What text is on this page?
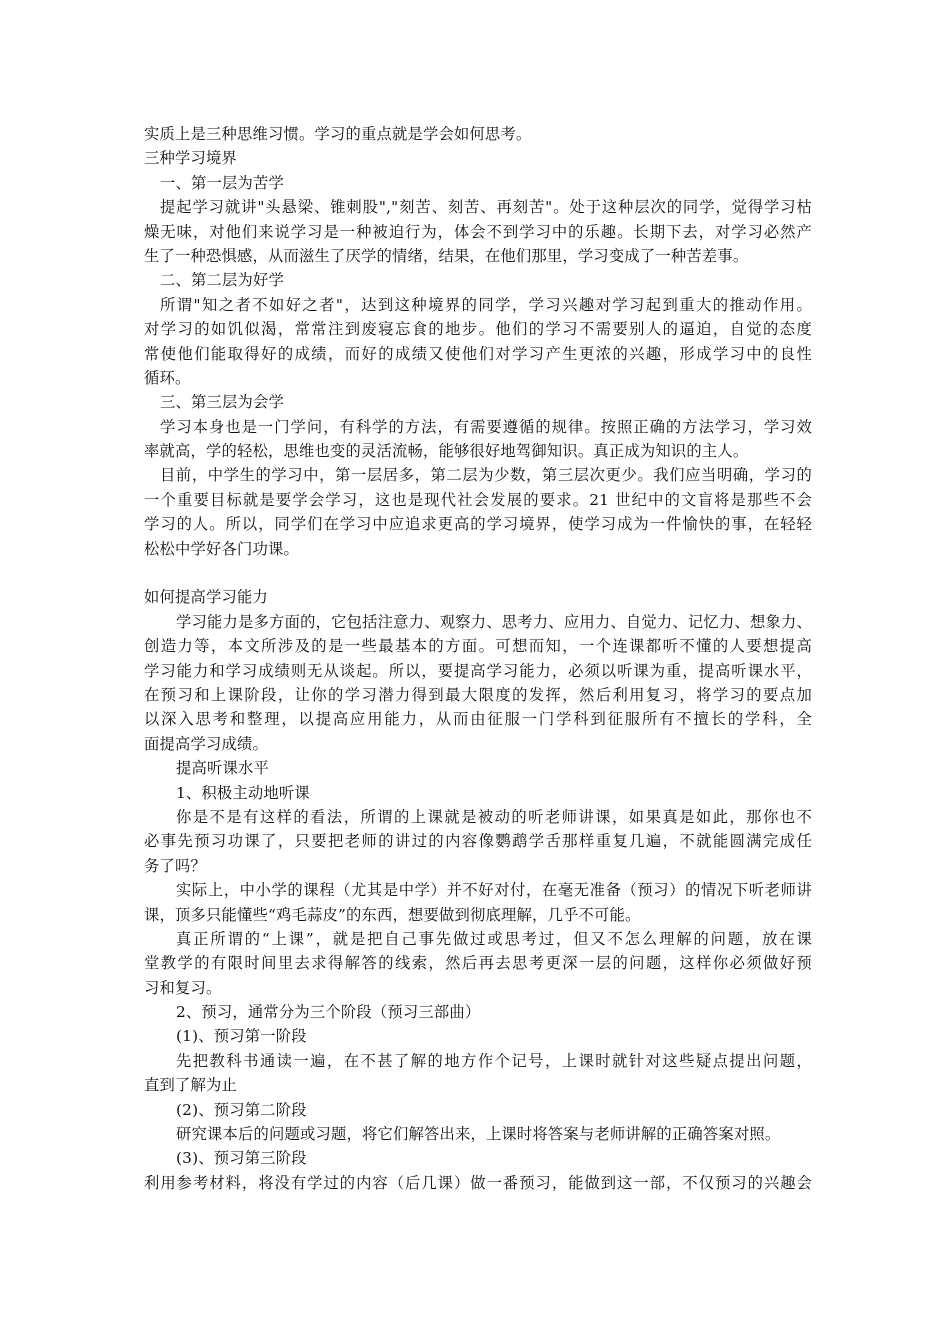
实质上是三种思维习惯。学习的重点就是学会如何思考。
三种学习境界
一、第一层为苦学
提起学习就讲"头悬梁、锥刺股","刻苦、刻苦、再刻苦"。处于这种层次的同学，觉得学习枯
燥无味，对他们来说学习是一种被迫行为，体会不到学习中的乐趣。长期下去，对学习必然产
生了一种恐惧感，从而滋生了厌学的情绪，结果，在他们那里，学习变成了一种苦差事。
二、第二层为好学
所谓"知之者不如好之者"，达到这种境界的同学，学习兴趣对学习起到重大的推动作用。
对学习的如饥似渴，常常注到废寝忘食的地步。他们的学习不需要别人的逼迫，自觉的态度
常使他们能取得好的成绩，而好的成绩又使他们对学习产生更浓的兴趣，形成学习中的良性
循环。
三、第三层为会学
学习本身也是一门学问，有科学的方法，有需要遵循的规律。按照正确的方法学习，学习效
率就高，学的轻松，思维也变的灵活流畅，能够很好地驾御知识。真正成为知识的主人。
目前，中学生的学习中，第一层居多，第二层为少数，第三层次更少。我们应当明确，学习的
一个重要目标就是要学会学习，这也是现代社会发展的要求。21 世纪中的文盲将是那些不会
学习的人。所以，同学们在学习中应追求更高的学习境界，使学习成为一件愉快的事，在轻轻
松松中学好各门功课。
如何提高学习能力
学习能力是多方面的，它包括注意力、观察力、思考力、应用力、自觉力、记忆力、想象力、
创造力等，本文所涉及的是一些最基本的方面。可想而知，一个连课都听不懂的人要想提高
学习能力和学习成绩则无从谈起。所以，要提高学习能力，必须以听课为重，提高听课水平，
在预习和上课阶段，让你的学习潜力得到最大限度的发挥，然后利用复习，将学习的要点加
以深入思考和整理，以提高应用能力，从而由征服一门学科到征服所有不擅长的学科，全
面提高学习成绩。
提高听课水平
1、积极主动地听课
你是不是有这样的看法，所谓的上课就是被动的听老师讲课，如果真是如此，那你也不
必事先预习功课了，只要把老师的讲过的内容像鹦鹉学舌那样重复几遍，不就能圆满完成任
务了吗？
实际上，中小学的课程（尤其是中学）并不好对付，在毫无准备（预习）的情况下听老师讲
课，顶多只能懂些“鸡毛蒜皮”的东西，想要做到彻底理解，几乎不可能。
真正所谓的“上课”，就是把自己事先做过或思考过，但又不怎么理解的问题，放在课
堂教学的有限时间里去求得解答的线索，然后再去思考更深一层的问题，这样你必须做好预
习和复习。
2、预习，通常分为三个阶段（预习三部曲）
(1)、预习第一阶段
先把教科书通读一遍，在不甚了解的地方作个记号，上课时就针对这些疑点提出问题，
直到了解为止
(2)、预习第二阶段
研究课本后的问题或习题，将它们解答出来，上课时将答案与老师讲解的正确答案对照。
(3)、预习第三阶段
利用参考材料，将没有学过的内容（后几课）做一番预习，能做到这一部，不仅预习的兴趣会
